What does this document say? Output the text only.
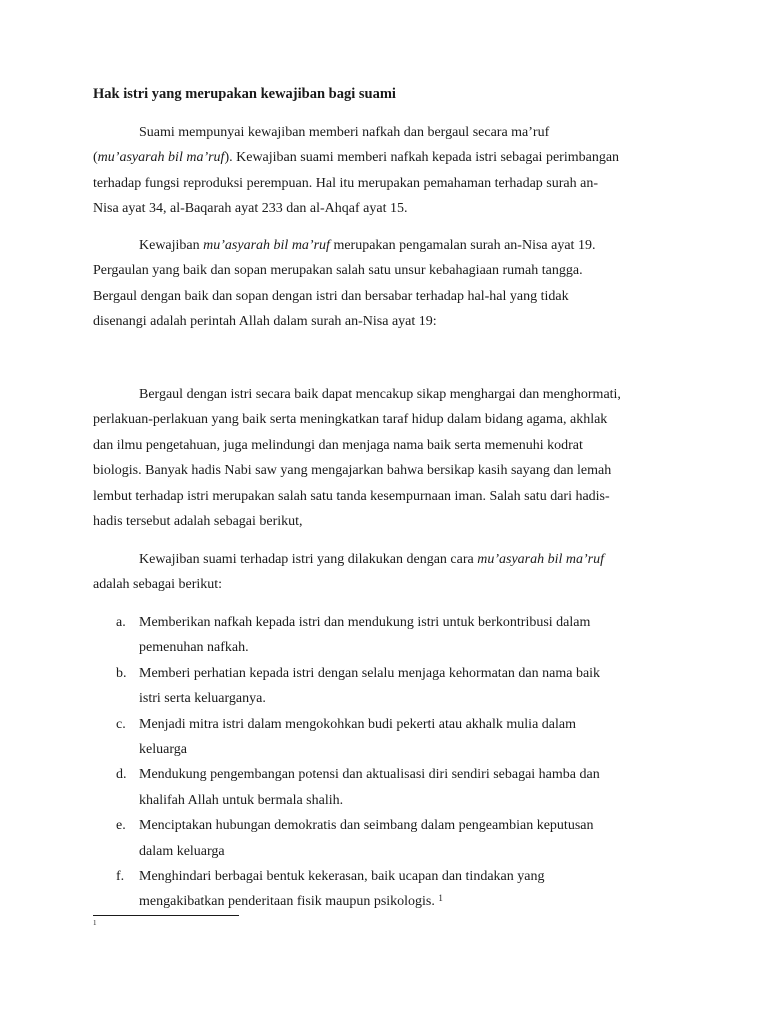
Hak istri yang merupakan kewajiban bagi suami

Suami mempunyai kewajiban memberi nafkah dan bergaul secara ma’ruf
(mu’asyarah bil ma’ruf). Kewajiban suami memberi nafkah kepada istri sebagai perimbangan
terhadap fungsi reproduksi perempuan. Hal itu merupakan pemahaman terhadap surah an-
Nisa ayat 34, al-Baqarah ayat 233 dan al-Ahqaf ayat 15.

Kewajiban mu’asyarah bil ma’ruf merupakan pengamalan surah an-Nisa ayat 19.
Pergaulan yang baik dan sopan merupakan salah satu unsur kebahagiaan rumah tangga.
Bergaul dengan baik dan sopan dengan istri dan bersabar terhadap hal-hal yang tidak
disenangi adalah perintah Allah dalam surah an-Nisa ayat 19:

Bergaul dengan istri secara baik dapat mencakup sikap menghargai dan menghormati,
perlakuan-perlakuan yang baik serta meningkatkan taraf hidup dalam bidang agama, akhlak
dan ilmu pengetahuan, juga melindungi dan menjaga nama baik serta memenuhi kodrat
biologis. Banyak hadis Nabi saw yang mengajarkan bahwa bersikap kasih sayang dan lemah
lembut terhadap istri merupakan salah satu tanda kesempurnaan iman. Salah satu dari hadis-
hadis tersebut adalah sebagai berikut,

Kewajiban suami terhadap istri yang dilakukan dengan cara mu’asyarah bil ma’ruf
adalah sebagai berikut:

a. Memberikan nafkah kepada istri dan mendukung istri untuk berkontribusi dalam
pemenuhan nafkah.
b. Memberi perhatian kepada istri dengan selalu menjaga kehormatan dan nama baik
istri serta keluarganya.
c. Menjadi mitra istri dalam mengokohkan budi pekerti atau akhalk mulia dalam
keluarga
d. Mendukung pengembangan potensi dan aktualisasi diri sendiri sebagai hamba dan
khalifah Allah untuk bermala shalih.
e. Menciptakan hubungan demokratis dan seimbang dalam pengeambian keputusan
dalam keluarga
f. Menghindari berbagai bentuk kekerasan, baik ucapan dan tindakan yang
mengakibatkan penderitaan fisik maupun psikologis. $^1$
1
